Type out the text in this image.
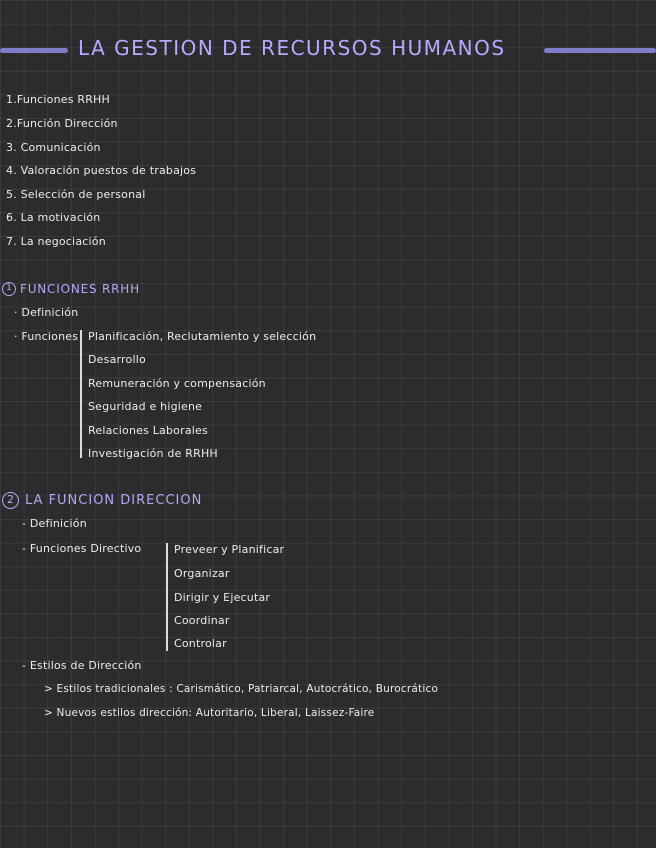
LA GESTION DE RECURSOS HUMANOS
1.Funciones RRHH
2.Función Dirección
3. Comunicación
4. Valoración puestos de trabajos
5. Selección de personal
6. La motivación
7. La negociación
1 FUNCIONES RRHH
· Definición
· Funciones Planificación, Reclutamiento y selección
Desarrollo
Remuneración y compensación
Seguridad e higiene
Relaciones Laborales
Investigación de RRHH
2 LA FUNCION DIRECCION
- Definición
- Funciones Directivo	Preveer y Planificar
Organizar
Dirigir y Ejecutar
Coordinar
Controlar
- Estilos de Dirección
> Estilos tradicionales : Carismático, Patriarcal, Autocrático, Burocrático
> Nuevos estilos dirección: Autoritario, Liberal, Laissez-Faire
